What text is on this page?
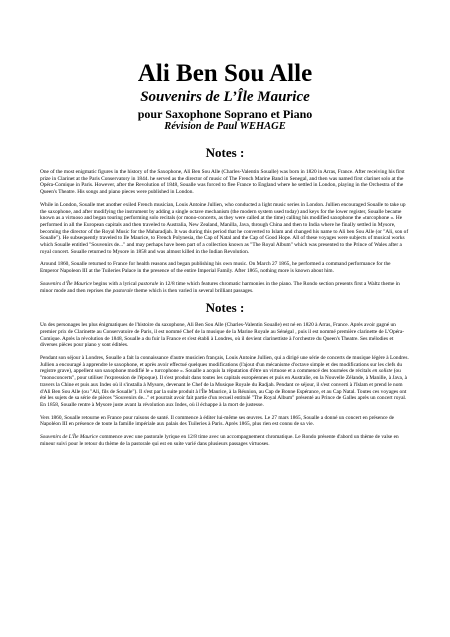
Ali Ben Sou Alle
Souvenirs de L’Île Maurice
pour Saxophone Soprano et Piano
Révision de Paul WEHAGE
Notes :

One of the most enigmatic figures in the history of the Saxophone, Ali Ben Sou Alle (Charles-Valentin Soualle) was born in 1820 in Arras, France. After receiving his first prize in Clarinet at the Paris Conservatory in 1844. he served as the director of music of The French Marine Band in Senegal, and then was named first clarinet solo at the Opéra-Comique in Paris. However, after the Revolution of 1848, Soualle was forced to flee France to England where he settled in London, playing in the Orchestra of the Queen's Theatre. His songs and piano pieces were published in London.

While in London, Soualle met another exiled French musician, Louis Antoine Jullien, who conducted a light music series in London. Jullien encouraged Soualle to take up the saxophone, and after modifying the instrument by adding a single octave mechanism (the modern system used today) and keys for the lower register, Soualle became known as a virtuoso and began touring performing solo recitals (or mono-concerts, as they were called at the time) calling his modified saxophone the «turcophone ». He performed in all the European capitals and then traveled to Australia, New Zealand, Manilla, Java, through China and then to India where he finally settled in Mysore, becoming the director of the Royal Music for the Maharadjah. It was during this period that he converted to Islam and changed his name to Ali ben Sou Alle (or "Ali, son of Soualle"). He subsequently traveled to Ile Maurice, to French Polynesia, the Cap of Natal and the Cap of Good Hope. All of these voyages were subjects of musical works which Soualle entitled "Souvenirs de..." and may perhaps have been part of a collection known as "The Royal Album" which was presented to the Prince of Wales after a royal concert. Soualle returned to Mysore in 1858 and was almost killed in the Indian Revolution.

Around 1860, Soualle returned to France for health reasons and began publishing his own music. On March 27 1865, he performed a command performance for the Emperor Napoleon III at the Tuileries Palace in the presence of the entire Imperial Family. After 1865, nothing more is known about him.

Souvenirs d’Île Maurice begins with a lyrical pastorale in 12/8 time which features chromatic harmonies in the piano. The Rondo section presents first a Waltz theme in minor mode and then reprises the pastorale theme which is then varied in several brilliant passages.

Notes :

Un des personages les plus énigmatiques de l'histoire du saxophone, Ali Ben Sou Alle (Charles-Valentin Soualle) est né en 1820 à Arras, France. Après avoir gagné un premier prix de Clarinette au Conservatoire de Paris, il est nommé Chef de la musique de la Marine Royale au Sénégal , puis il est nommé première clarinette de L'Opéra-Comique. Après la révolution de 1848, Soualle a du fuir la France et s'est établi à Londres, où il devient clarinettiste à l'orchestre du Queen's Theatre. Ses mélodies et diverses pièces pour piano y sont éditées.

Pendant son séjour à Londres, Soualle a fait la connaissance d'autre musicien français, Louis Antoine Jullien, qui a dirigé une série de concerts de musique légère à Londres. Jullien a encouragé à apprendre le saxophone, et après avoir effectué quelques modifications (l'ajout d'un mécanisme d'octave simple et des modifications sur les clefs du registre grave), appellent son saxophone modifié le « turcophone ». Soualle a acquis la réputation d'être un virtuose et a commencé des tournées de récitals en soliste (ou "monoconcerts", pour utiliser l'expression de l'époque). Il s'est produit dans toutes les capitals européennes et puis en Australie, en la Nouvelle Zélande, à Manille, à Java, à travers la Chine et puis aux Indes où il s'installa à Mysore, devenant le Chef de la Musique Royale du Radjah. Pendant ce séjour, il s'est converti à l'Islam et prend le nom d'Ali Ben Sou Alle (ou "Ali, fils de Soualle"). Il s'est par la suite produit à l'Île Maurice, à la Réunion, au Cap de Bonne Espérance, et au Cap Natal. Toutes ces voyages ont été les sujets de sa série de pièces "Souvenirs de..." et pourrait avoir fait partie d'un recueil entitulé "The Royal Album" présenté au Prince de Galles après un concert royal. En 1858, Soualle rentre à Mysore juste avant la révolution aux Indes, où il échappe à la mort de justesse.

Vers 1860, Soualle retourne en France pour raisons de santé. Il commence à éditer lui-même ses œuvres. Le 27 mars 1865, Soualle a donné un concert en présence de Napoléon III en présence de toute la famille impériale aux palais des Tuileries à Paris. Après 1865, plus rien est connu de sa vie.

Souvenirs de L'Île Maurice commence avec une pastorale lyrique en 12/8 time avec un accompagnement chromatique. Le Rondo présente d'abord un thème de valse en mineur suivi pour le retour du thème de la pastorale qui est en suite varié dans plusieurs passages virtuoses.
